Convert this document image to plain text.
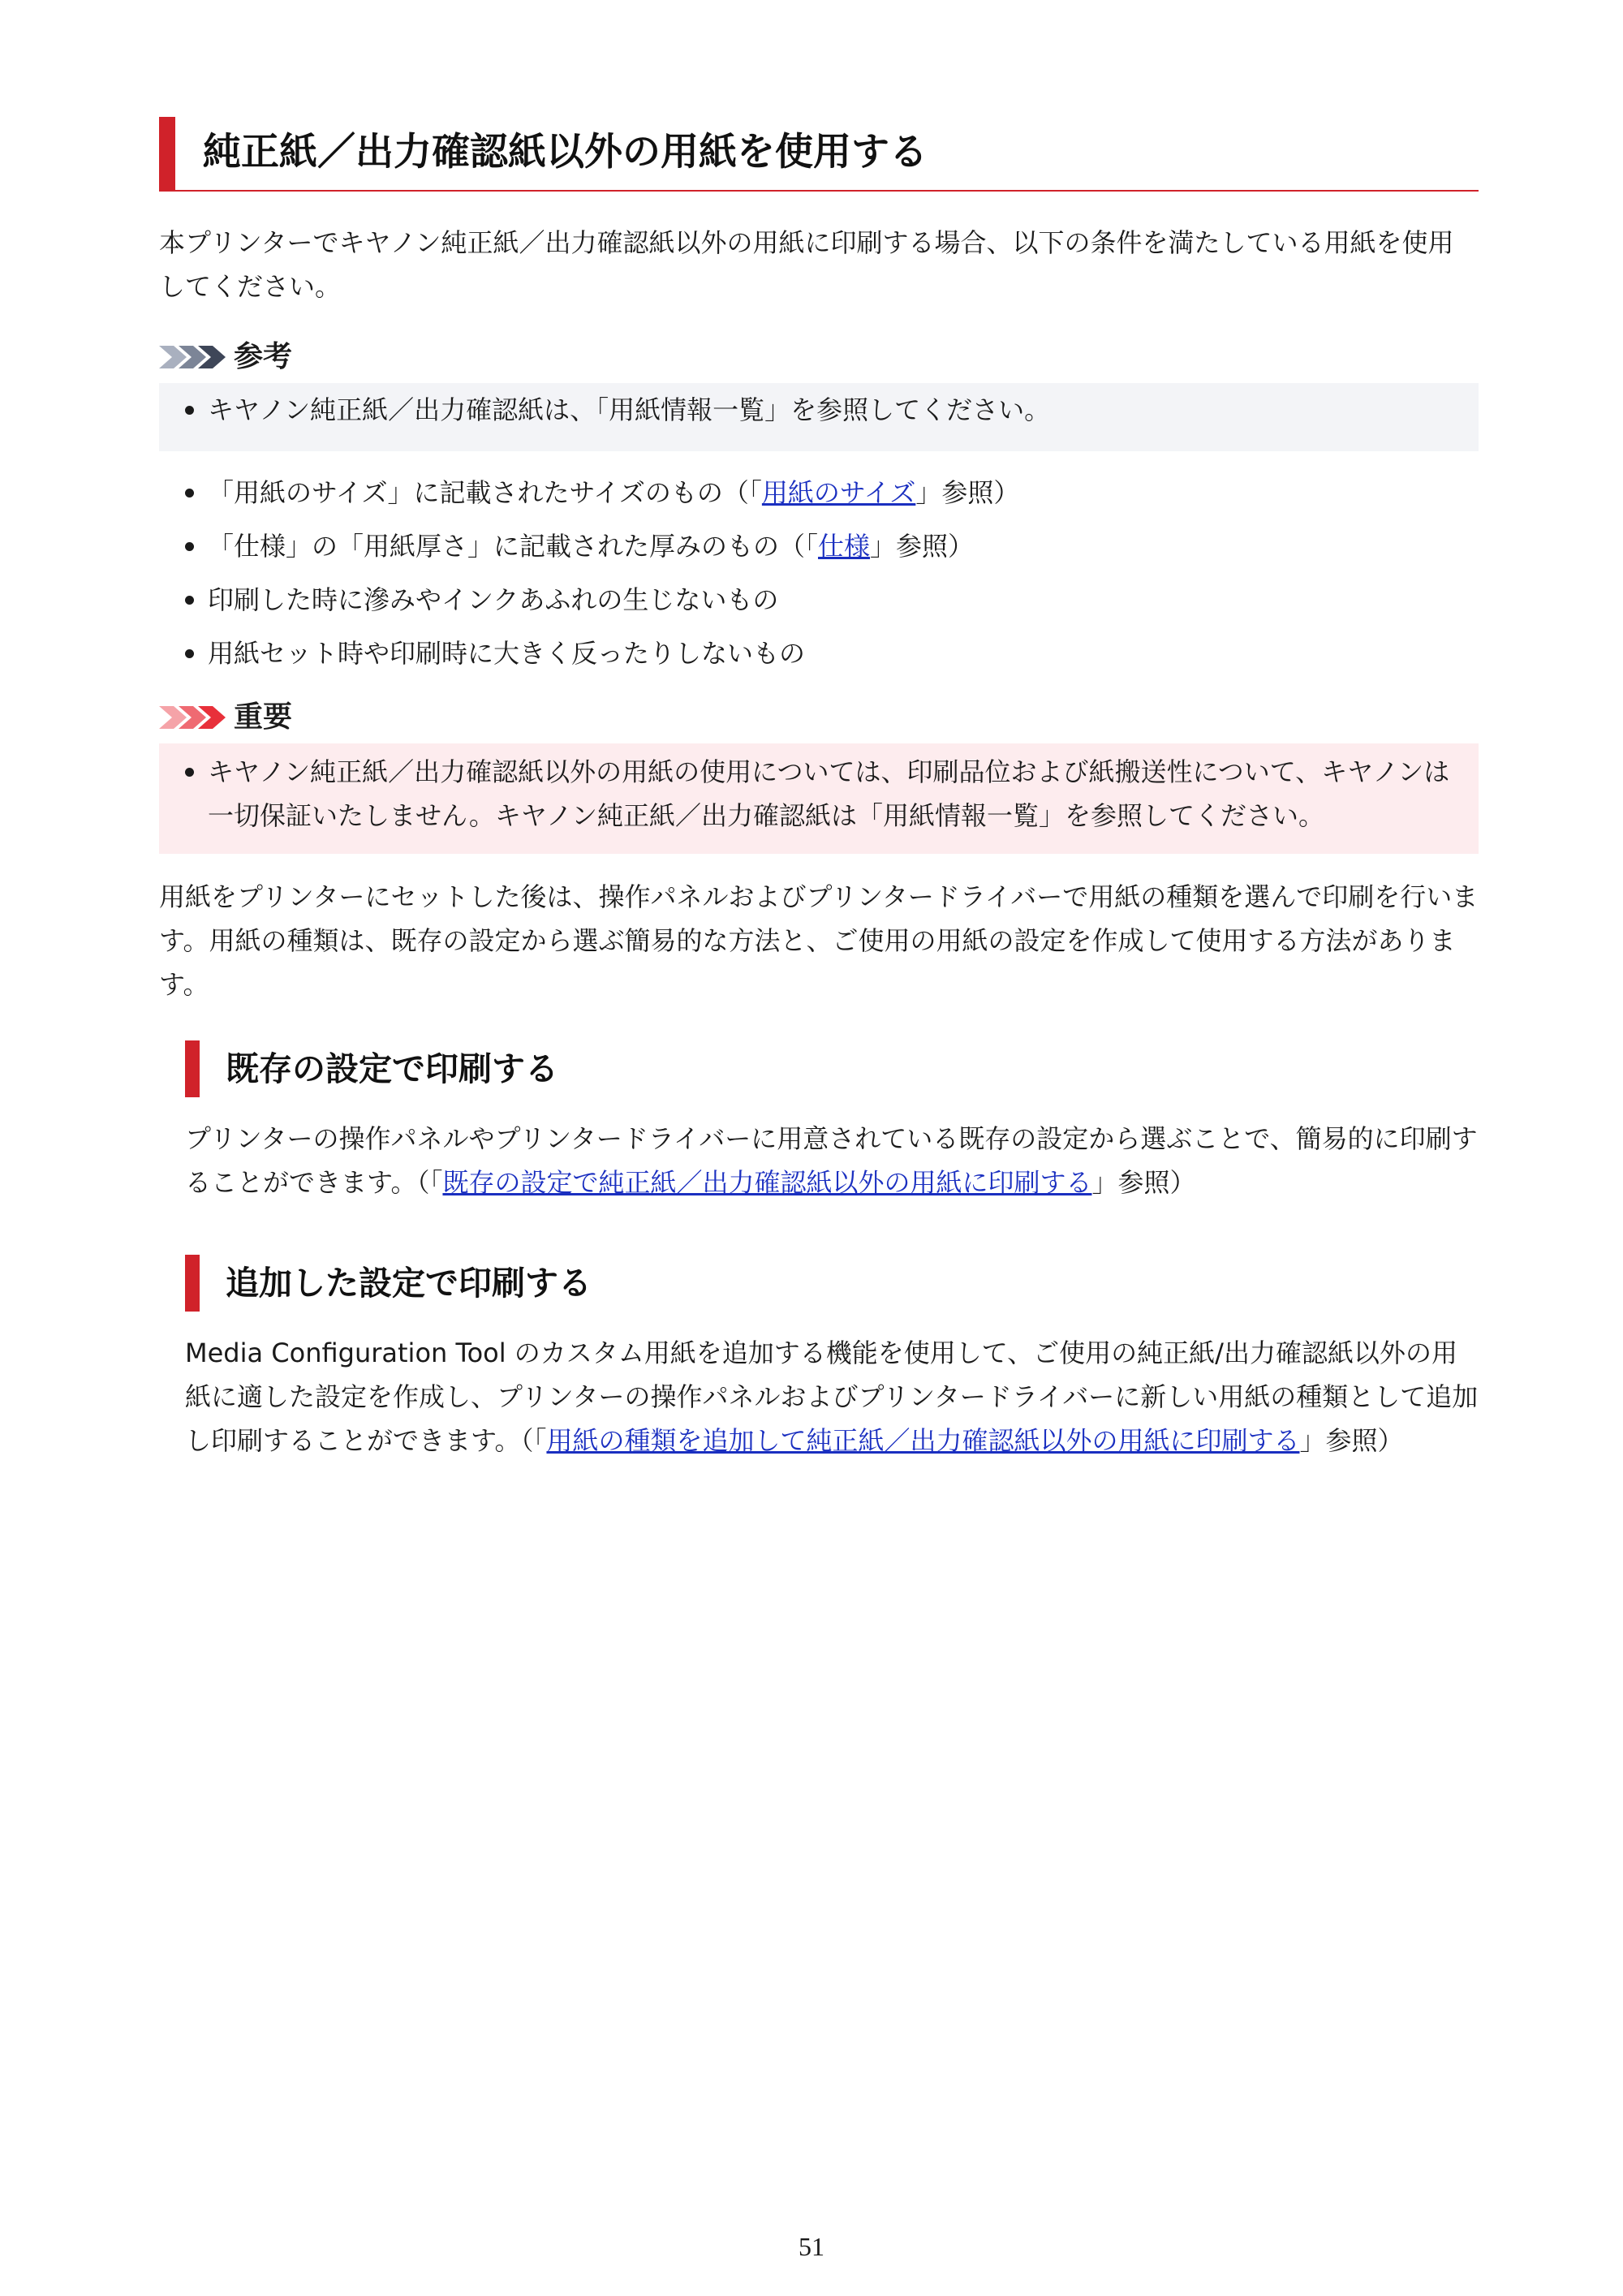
純正紙／出力確認紙以外の用紙を使用する
本プリンターでキヤノン純正紙／出力確認紙以外の用紙に印刷する場合、以下の条件を満たしている用紙を使用してください。
参考
キヤノン純正紙／出力確認紙は、「用紙情報一覧」を参照してください。
「用紙のサイズ」に記載されたサイズのもの（「用紙のサイズ」参照）
「仕様」の「用紙厚さ」に記載された厚みのもの（「仕様」参照）
印刷した時に滲みやインクあふれの生じないもの
用紙セット時や印刷時に大きく反ったりしないもの
重要
キヤノン純正紙／出力確認紙以外の用紙の使用については、印刷品位および紙搬送性について、キヤノンは一切保証いたしません。キヤノン純正紙／出力確認紙は「用紙情報一覧」を参照してください。
用紙をプリンターにセットした後は、操作パネルおよびプリンタードライバーで用紙の種類を選んで印刷を行います。用紙の種類は、既存の設定から選ぶ簡易的な方法と、ご使用の用紙の設定を作成して使用する方法があります。
既存の設定で印刷する
プリンターの操作パネルやプリンタードライバーに用意されている既存の設定から選ぶことで、簡易的に印刷することができます。（「既存の設定で純正紙／出力確認紙以外の用紙に印刷する」参照）
追加した設定で印刷する
Media Configuration Tool のカスタム用紙を追加する機能を使用して、ご使用の純正紙/出力確認紙以外の用紙に適した設定を作成し、プリンターの操作パネルおよびプリンタードライバーに新しい用紙の種類として追加し印刷することができます。（「用紙の種類を追加して純正紙／出力確認紙以外の用紙に印刷する」参照）
51
